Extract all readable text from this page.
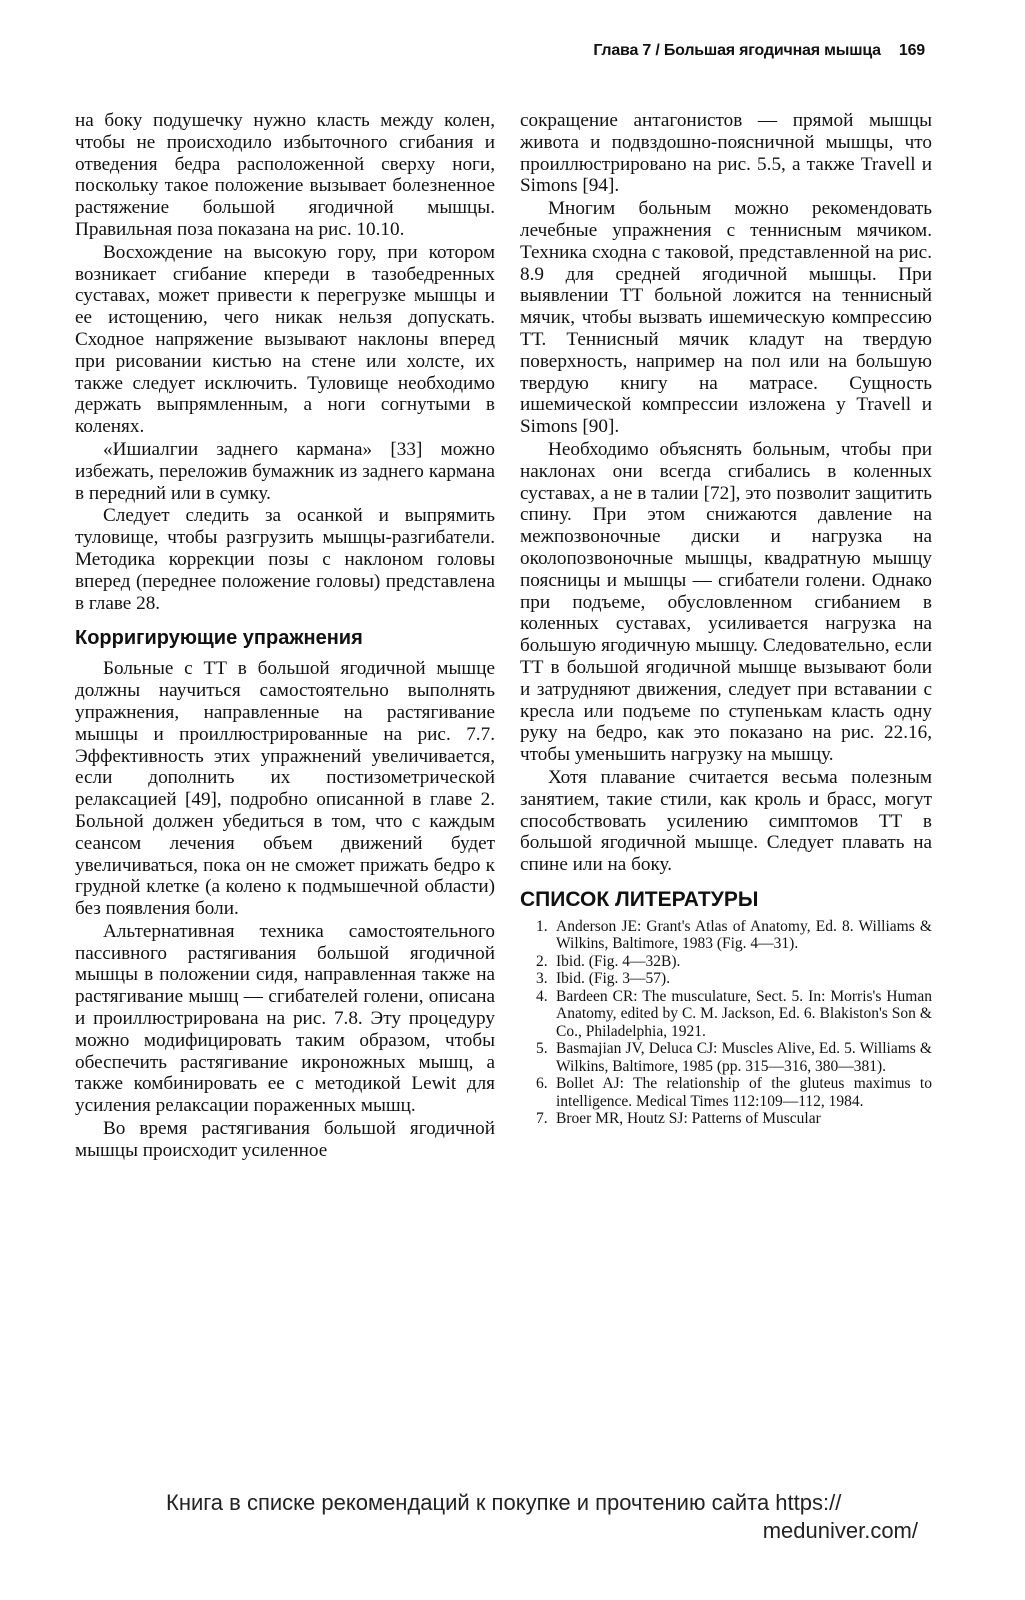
Глава 7 / Большая ягодичная мышца 169

на боку подушечку нужно класть между колен, чтобы не происходило избыточного сгибания и отведения бедра расположенной сверху ноги, поскольку такое положение вызывает болезненное растяжение большой ягодичной мышцы. Правильная поза показана на рис. 10.10.

Восхождение на высокую гору, при котором возникает сгибание кпереди в тазобедренных суставах, может привести к перегрузке мышцы и ее истощению, чего никак нельзя допускать. Сходное напряжение вызывают наклоны вперед при рисовании кистью на стене или холсте, их также следует исключить. Туловище необходимо держать выпрямленным, а ноги согнутыми в коленях.

«Ишиалгии заднего кармана» [33] можно избежать, переложив бумажник из заднего кармана в передний или в сумку.

Следует следить за осанкой и выпрямить туловище, чтобы разгрузить мышцы-разгибатели. Методика коррекции позы с наклоном головы вперед (переднее положение головы) представлена в главе 28.

Корригирующие упражнения

Больные с ТТ в большой ягодичной мышце должны научиться самостоятельно выполнять упражнения, направленные на растягивание мышцы и проиллюстрированные на рис. 7.7. Эффективность этих упражнений увеличивается, если дополнить их постизометрической релаксацией [49], подробно описанной в главе 2. Больной должен убедиться в том, что с каждым сеансом лечения объем движений будет увеличиваться, пока он не сможет прижать бедро к грудной клетке (а колено к подмышечной области) без появления боли.

Альтернативная техника самостоятельного пассивного растягивания большой ягодичной мышцы в положении сидя, направленная также на растягивание мышц — сгибателей голени, описана и проиллюстрирована на рис. 7.8. Эту процедуру можно модифицировать таким образом, чтобы обеспечить растягивание икроножных мышц, а также комбинировать ее с методикой Lewit для усиления релаксации пораженных мышц.

Во время растягивания большой ягодичной мышцы происходит усиленное

сокращение антагонистов — прямой мышцы живота и подвздошно-поясничной мышцы, что проиллюстрировано на рис. 5.5, а также Travell и Simons [94].

Многим больным можно рекомендовать лечебные упражнения с теннисным мячиком. Техника сходна с таковой, представленной на рис. 8.9 для средней ягодичной мышцы. При выявлении ТТ больной ложится на теннисный мячик, чтобы вызвать ишемическую компрессию ТТ. Теннисный мячик кладут на твердую поверхность, например на пол или на большую твердую книгу на матрасе. Сущность ишемической компрессии изложена у Travell и Simons [90].

Необходимо объяснять больным, чтобы при наклонах они всегда сгибались в коленных суставах, а не в талии [72], это позволит защитить спину. При этом снижаются давление на межпозвоночные диски и нагрузка на околопозвоночные мышцы, квадратную мышцу поясницы и мышцы — сгибатели голени. Однако при подъеме, обусловленном сгибанием в коленных суставах, усиливается нагрузка на большую ягодичную мышцу. Следовательно, если ТТ в большой ягодичной мышце вызывают боли и затрудняют движения, следует при вставании с кресла или подъеме по ступенькам класть одну руку на бедро, как это показано на рис. 22.16, чтобы уменьшить нагрузку на мышцу.

Хотя плавание считается весьма полезным занятием, такие стили, как кроль и брасс, могут способствовать усилению симптомов ТТ в большой ягодичной мышце. Следует плавать на спине или на боку.

СПИСОК ЛИТЕРАТУРЫ
1. Anderson JE: Grant's Atlas of Anatomy, Ed. 8. Williams & Wilkins, Baltimore, 1983 (Fig. 4—31).
2. Ibid. (Fig. 4—32B).
3. Ibid. (Fig. 3—57).
4. Bardeen CR: The musculature, Sect. 5. In: Morris's Human Anatomy, edited by C. M. Jackson, Ed. 6. Blakiston's Son & Co., Philadelphia, 1921.
5. Basmajian JV, Deluca CJ: Muscles Alive, Ed. 5. Williams & Wilkins, Baltimore, 1985 (pp. 315—316, 380—381).
6. Bollet AJ: The relationship of the gluteus maximus to intelligence. Medical Times 112:109—112, 1984.
7. Broer MR, Houtz SJ: Patterns of Muscular
Книга в списке рекомендаций к покупке и прочтению сайта https://
meduniver.com/
